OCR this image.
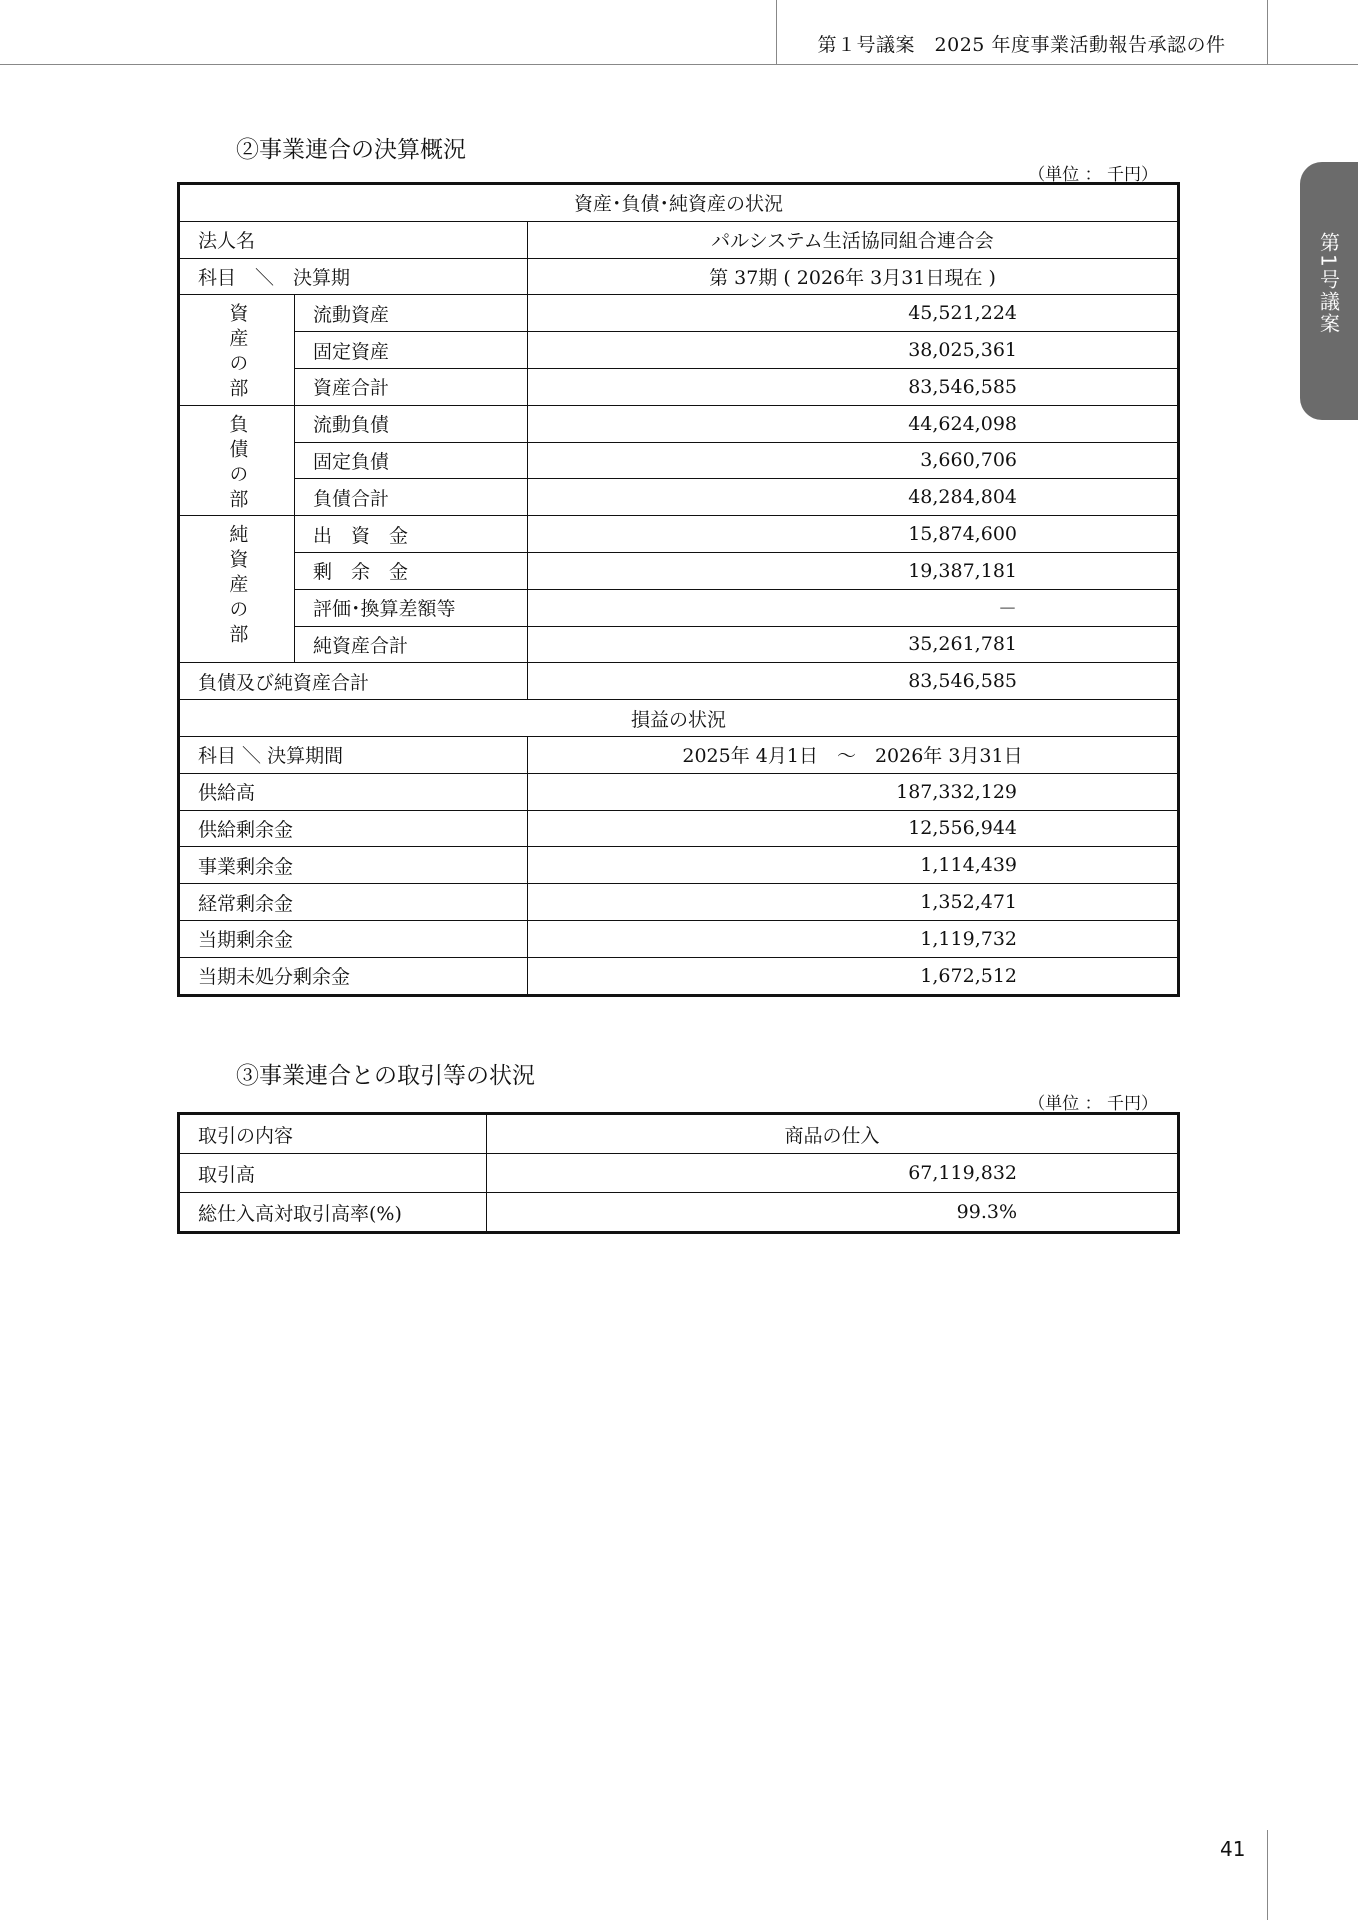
第１号議案　2025 年度事業活動報告承認の件
第1号議案
②事業連合の決算概況
（単位 ： 千円）
資産･負債･純資産の状況		
法人名		パルシステム生活協同組合連合会
科目　＼　決算期		第 37期 ( 2026年 3月31日現在 )
資産の部	流動資産	45,521,224
	固定資産	38,025,361
	資産合計	83,546,585
負債の部	流動負債	44,624,098
	固定負債	3,660,706
	負債合計	48,284,804
純資産の部	出　資　金	15,874,600
	剰　余　金	19,387,181
	評価･換算差額等	－
	純資産合計	35,261,781
負債及び純資産合計		83,546,585
損益の状況		
科目 ＼ 決算期間		2025年 4月1日　～　2026年 3月31日
供給高		187,332,129
供給剰余金		12,556,944
事業剰余金		1,114,439
経常剰余金		1,352,471
当期剰余金		1,119,732
当期未処分剰余金		1,672,512
③事業連合との取引等の状況
（単位 ： 千円）
取引の内容	商品の仕入
取引高	67,119,832
総仕入高対取引高率(%)	99.3%
41
